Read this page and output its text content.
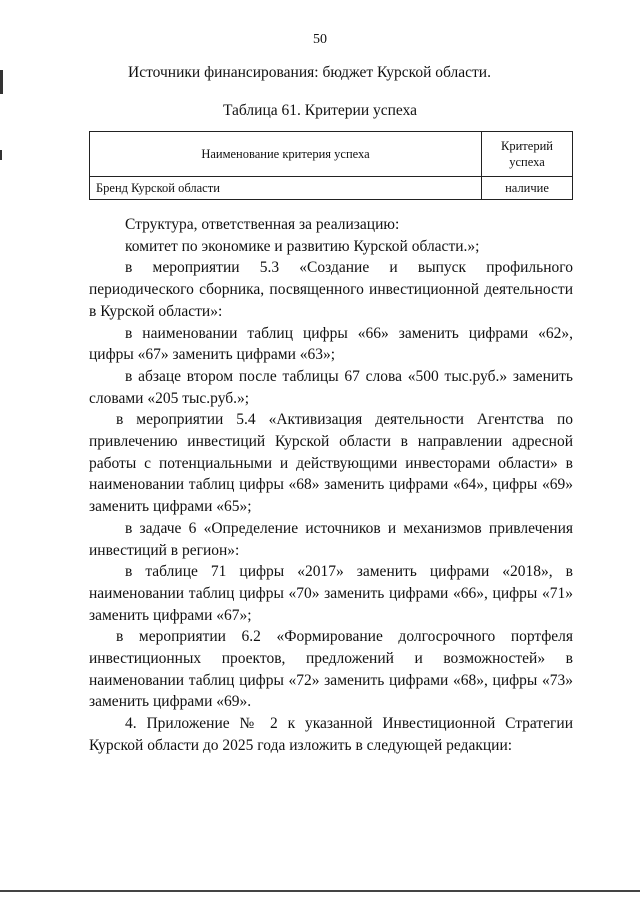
50
Источники финансирования: бюджет Курской области.
Таблица 61. Критерии успеха
Наименование критерия успеха	Критерий успеха
Бренд Курской области	наличие

Структура, ответственная за реализацию:

комитет по экономике и развитию Курской области.»;

в мероприятии 5.3 «Создание и выпуск профильного периодического сборника, посвященного инвестиционной деятельности в Курской области»:

в наименовании таблиц цифры «66» заменить цифрами «62», цифры «67» заменить цифрами «63»;

в абзаце втором после таблицы 67 слова «500 тыс.руб.» заменить словами «205 тыс.руб.»;

в мероприятии 5.4 «Активизация деятельности Агентства по привлечению инвестиций Курской области в направлении адресной работы с потенциальными и действующими инвесторами области» в наименовании таблиц цифры «68» заменить цифрами «64», цифры «69» заменить цифрами «65»;

в задаче 6 «Определение источников и механизмов привлечения инвестиций в регион»:

в таблице 71 цифры «2017» заменить цифрами «2018», в наименовании таблиц цифры «70» заменить цифрами «66», цифры «71» заменить цифрами «67»;

в мероприятии 6.2 «Формирование долгосрочного портфеля инвестиционных проектов, предложений и возможностей» в наименовании таблиц цифры «72» заменить цифрами «68», цифры «73» заменить цифрами «69».

4. Приложение № 2 к указанной Инвестиционной Стратегии Курской области до 2025 года изложить в следующей редакции:
